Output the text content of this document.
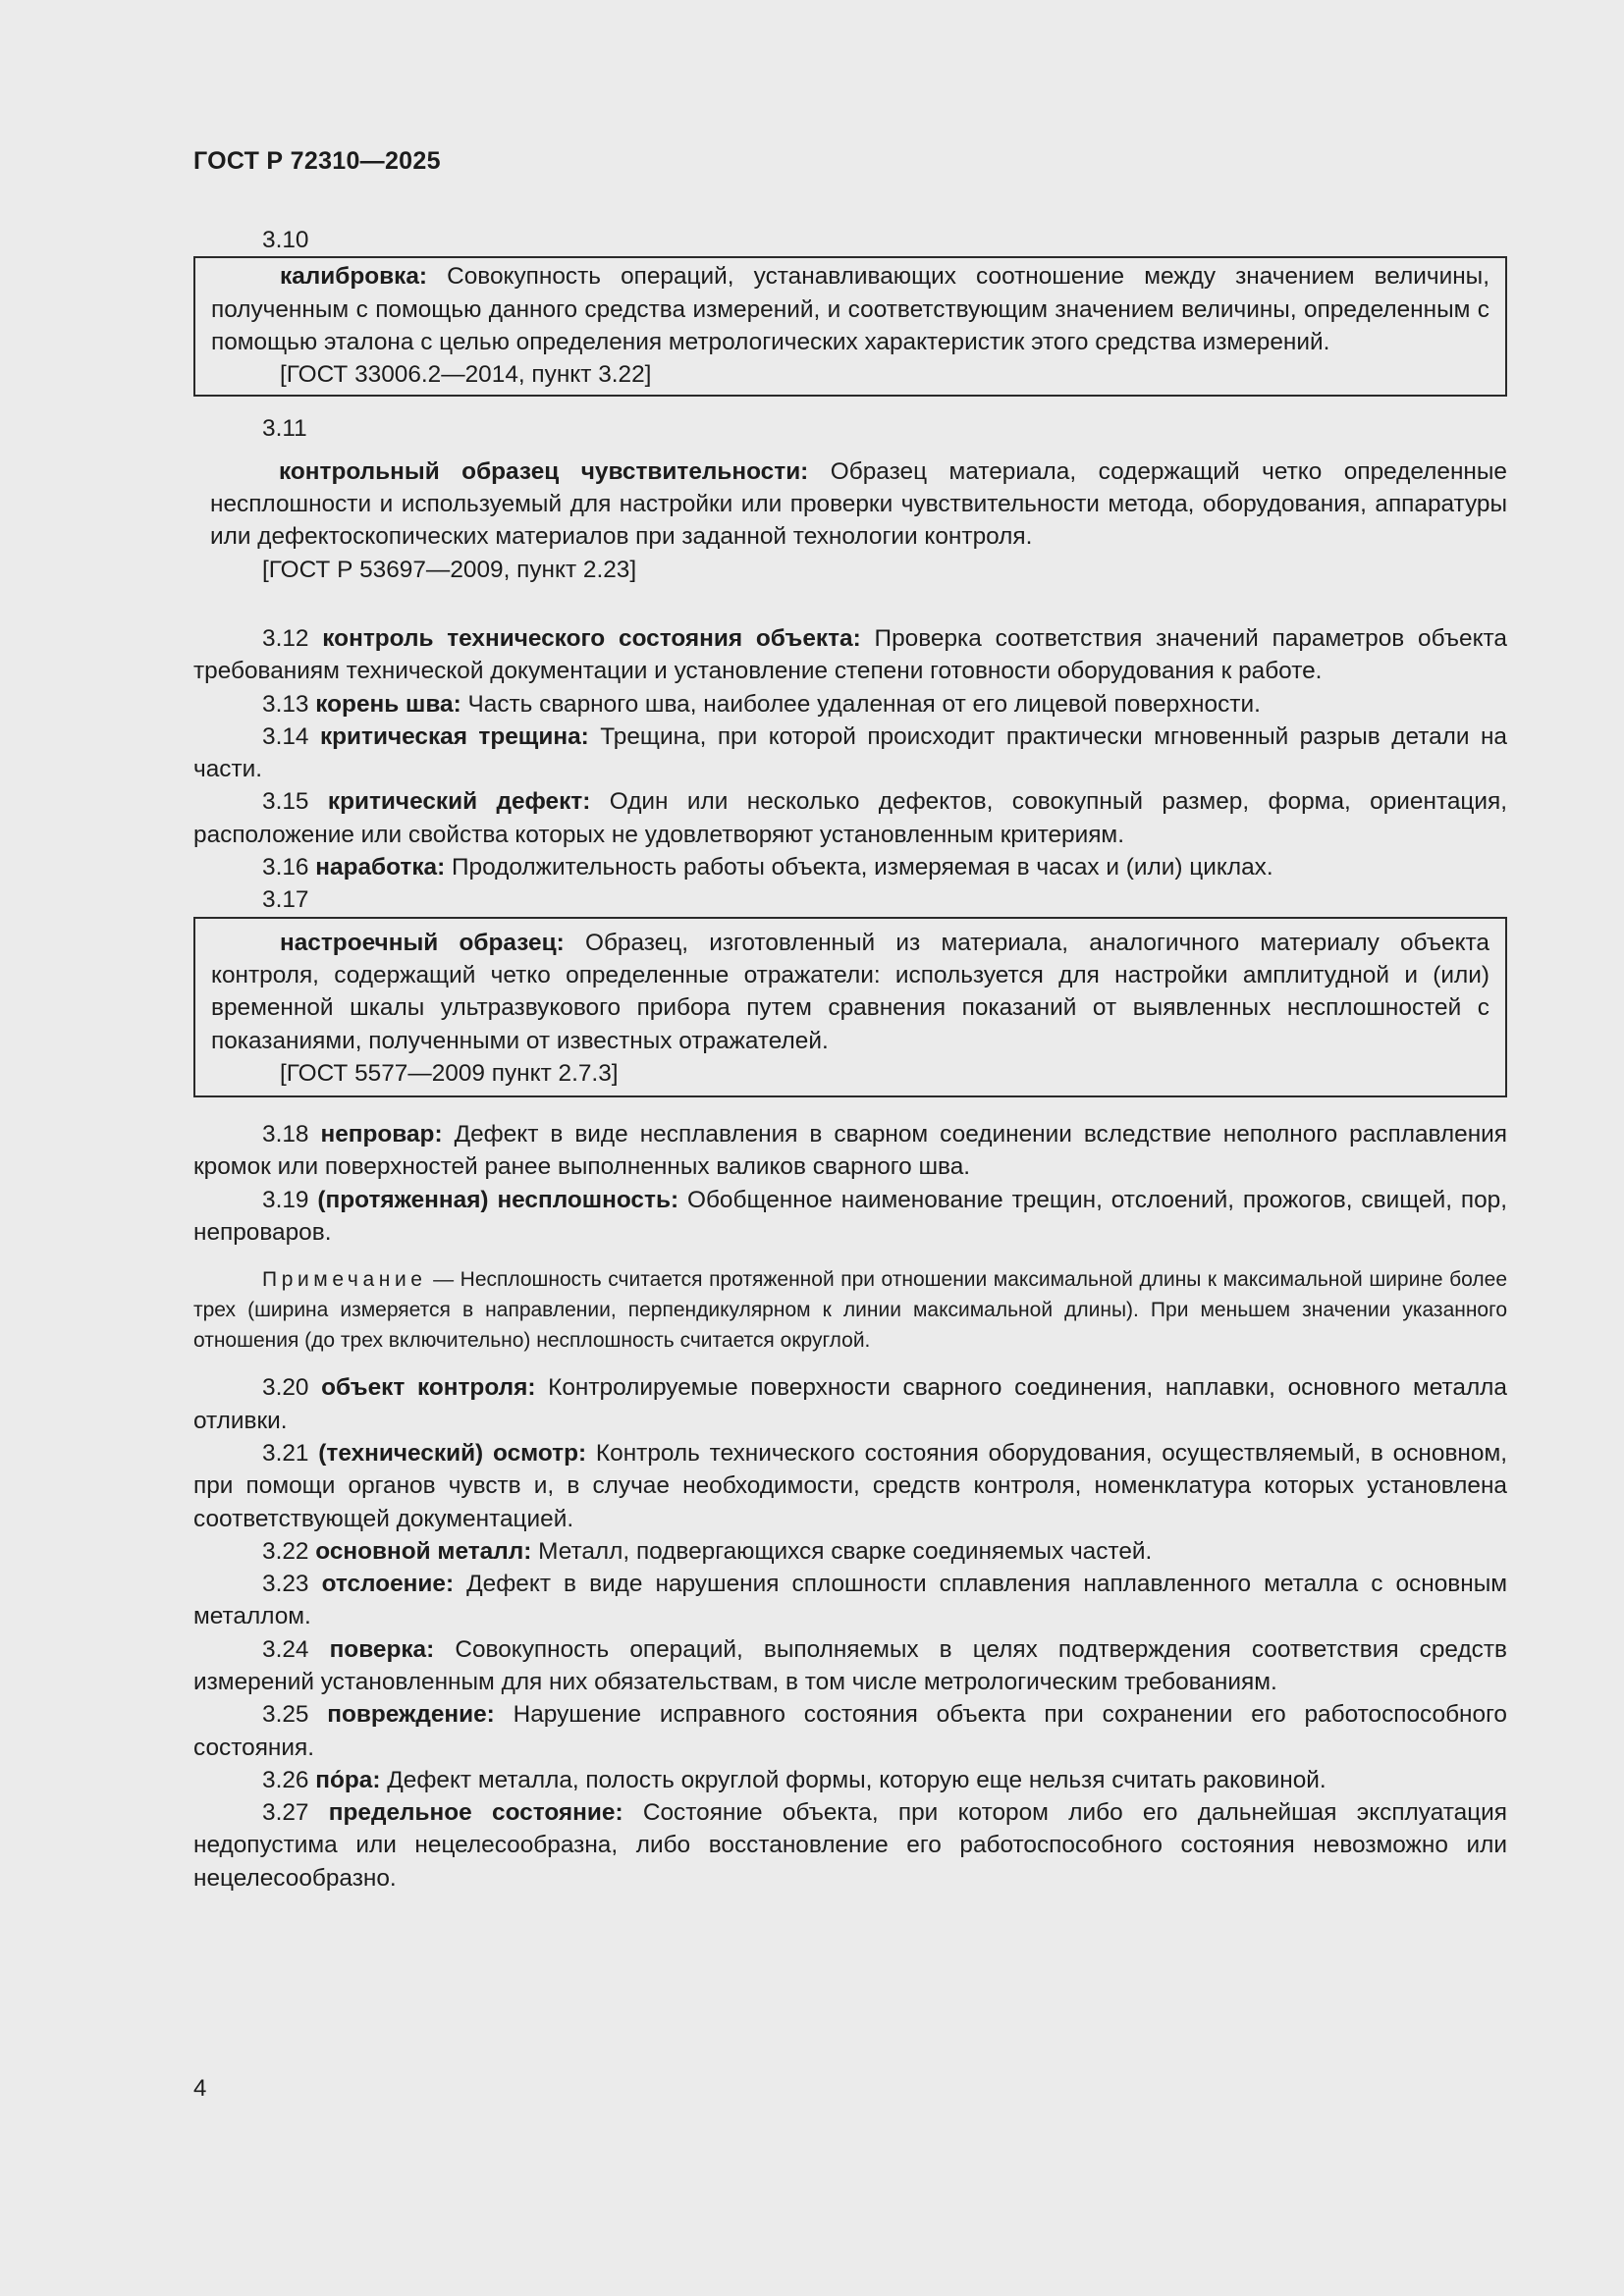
ГОСТ Р 72310—2025

3.10

калибровка: Совокупность операций, устанавливающих соотношение между значением величины, полученным с помощью данного средства измерений, и соответствующим значением величины, определенным с помощью эталона с целью определения метрологических характеристик этого средства измерений.

[ГОСТ 33006.2—2014, пункт 3.22]

3.11

контрольный образец чувствительности: Образец материала, содержащий четко определенные несплошности и используемый для настройки или проверки чувствительности метода, оборудования, аппаратуры или дефектоскопических материалов при заданной технологии контроля.

[ГОСТ Р 53697—2009, пункт 2.23]

3.12 контроль технического состояния объекта: Проверка соответствия значений параметров объекта требованиям технической документации и установление степени готовности оборудования к работе.

3.13 корень шва: Часть сварного шва, наиболее удаленная от его лицевой поверхности.

3.14 критическая трещина: Трещина, при которой происходит практически мгновенный разрыв детали на части.

3.15 критический дефект: Один или несколько дефектов, совокупный размер, форма, ориентация, расположение или свойства которых не удовлетворяют установленным критериям.

3.16 наработка: Продолжительность работы объекта, измеряемая в часах и (или) циклах.

3.17

настроечный образец: Образец, изготовленный из материала, аналогичного материалу объекта контроля, содержащий четко определенные отражатели: используется для настройки амплитудной и (или) временной шкалы ультразвукового прибора путем сравнения показаний от выявленных несплошностей с показаниями, полученными от известных отражателей.

[ГОСТ 5577—2009 пункт 2.7.3]

3.18 непровар: Дефект в виде несплавления в сварном соединении вследствие неполного расплавления кромок или поверхностей ранее выполненных валиков сварного шва.

3.19 (протяженная) несплошность: Обобщенное наименование трещин, отслоений, прожогов, свищей, пор, непроваров.

Примечание — Несплошность считается протяженной при отношении максимальной длины к максимальной ширине более трех (ширина измеряется в направлении, перпендикулярном к линии максимальной длины). При меньшем значении указанного отношения (до трех включительно) несплошность считается округлой.

3.20 объект контроля: Контролируемые поверхности сварного соединения, наплавки, основного металла отливки.

3.21 (технический) осмотр: Контроль технического состояния оборудования, осуществляемый, в основном, при помощи органов чувств и, в случае необходимости, средств контроля, номенклатура которых установлена соответствующей документацией.

3.22 основной металл: Металл, подвергающихся сварке соединяемых частей.

3.23 отслоение: Дефект в виде нарушения сплошности сплавления наплавленного металла с основным металлом.

3.24 поверка: Совокупность операций, выполняемых в целях подтверждения соответствия средств измерений установленным для них обязательствам, в том числе метрологическим требованиям.

3.25 повреждение: Нарушение исправного состояния объекта при сохранении его работоспособного состояния.

3.26 по́ра: Дефект металла, полость округлой формы, которую еще нельзя считать раковиной.

3.27 предельное состояние: Состояние объекта, при котором либо его дальнейшая эксплуатация недопустима или нецелесообразна, либо восстановление его работоспособного состояния невозможно или нецелесообразно.

4
